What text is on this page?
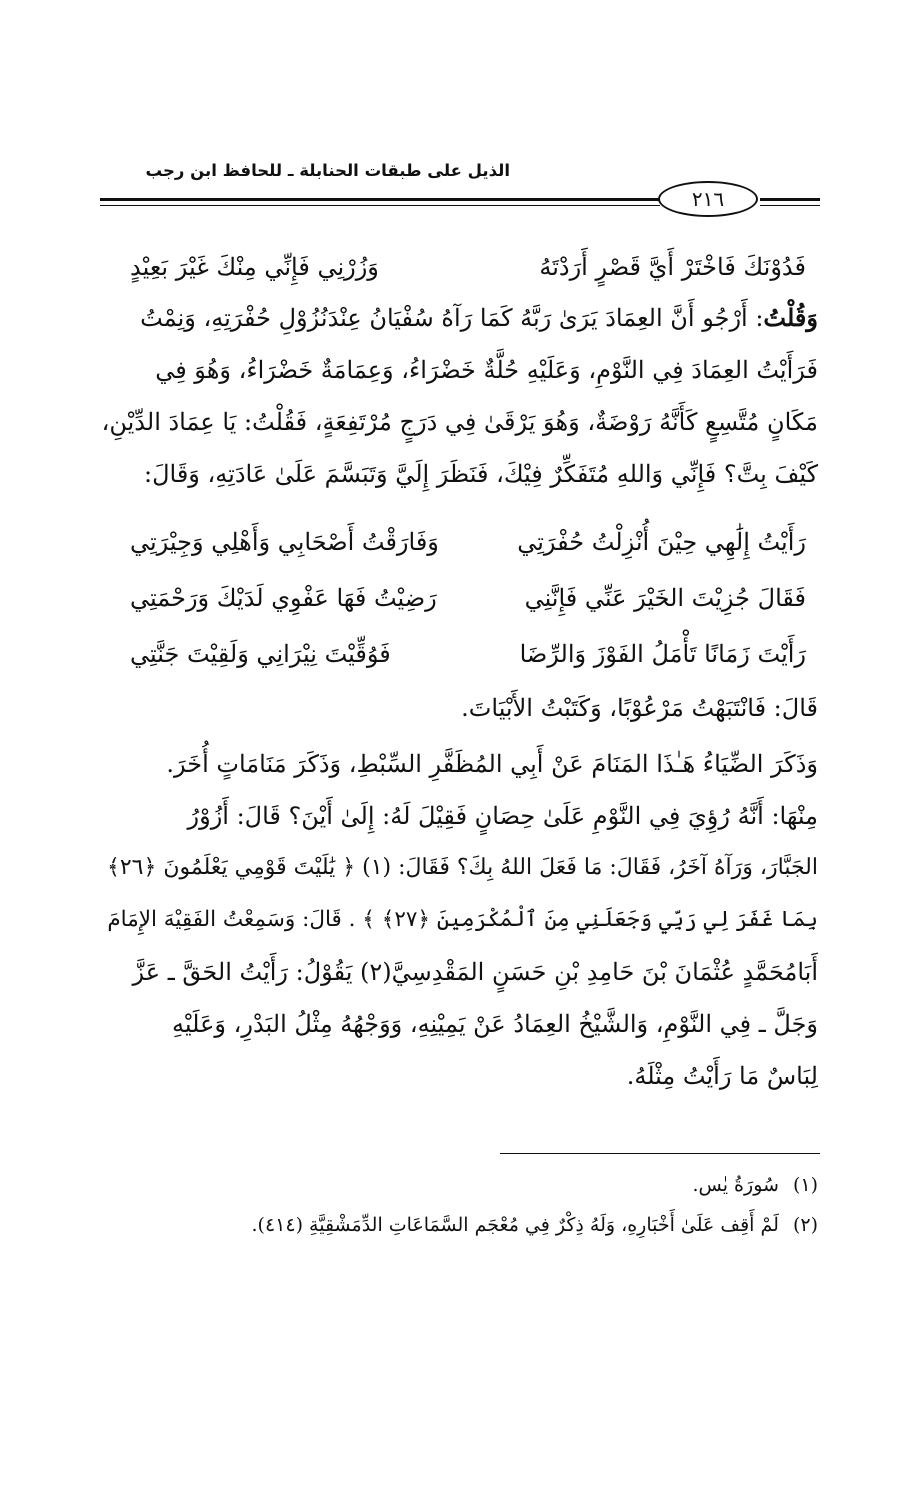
الذيل على طبقات الحنابلة ـ للحافظ ابن رجب
٢١٦
فَدُوْنَكَ فَاخْتَرْ أَيَّ قَصْرٍ أَرَدْتَهُ
وَزُرْنِي فَإِنِّي مِنْكَ غَيْرَ بَعِيْدٍ
وَقُلْتُ: أَرْجُو أَنَّ العِمَادَ يَرَىٰ رَبَّهُ كَمَا رَآهُ سُفْيَانُ عِنْدَنُزُوْلِ حُفْرَتِهِ، وَنِمْتُ
فَرَأَيْتُ العِمَادَ فِي النَّوْمِ، وَعَلَيْهِ حُلَّةٌ خَضْرَاءُ، وَعِمَامَةٌ خَضْرَاءُ، وَهُوَ فِي
مَكَانٍ مُتَّسِعٍ كَأَنَّهُ رَوْضَةٌ، وَهُوَ يَرْقَىٰ فِي دَرَجٍ مُرْتَفِعَةٍ، فَقُلْتُ: يَا عِمَادَ الدِّيْنِ،
كَيْفَ بِتَّ؟ فَإِنِّي وَاللهِ مُتَفَكِّرٌ فِيْكَ، فَنَظَرَ إِلَيَّ وَتَبَسَّمَ عَلَىٰ عَادَتِهِ، وَقَالَ:
رَأَيْتُ إِلَٰهِي حِيْنَ أُنْزِلْتُ حُفْرَتِي
وَفَارَقْتُ أَصْحَابِي وَأَهْلِي وَجِيْرَتِي
فَقَالَ جُزِيْتَ الخَيْرَ عَنِّي فَإِنَّنِي
رَضِيْتُ فَهَا عَفْوِي لَدَيْكَ وَرَحْمَتِي
رَأَيْتَ زَمَانًا تَأْمَلُ الفَوْزَ وَالرِّضَا
فَوُقِّيْتَ نِيْرَانِي وَلَقِيْتَ جَنَّتِي
قَالَ: فَانْتَبَهْتُ مَرْعُوْبًا، وَكَتَبْتُ الأَبْيَاتَ.
وَذَكَرَ الضِّيَاءُ هَـٰذَا المَنَامَ عَنْ أَبِي المُظَفَّرِ السِّبْطِ، وَذَكَرَ مَنَامَاتٍ أُخَرَ.
مِنْهَا: أَنَّهُ رُؤِيَ فِي النَّوْمِ عَلَىٰ حِصَانٍ فَقِيْلَ لَهُ: إِلَىٰ أَيْنَ؟ قَالَ: أَزُوْرُ
الجَبَّارَ، وَرَآهُ آخَرُ، فَقَالَ: مَا فَعَلَ اللهُ بِكَ؟ فَقَالَ: (١) ﴿ يَٰلَيْتَ قَوْمِي يَعْلَمُونَ ﴿٢٦﴾
بِمَا غَفَرَ لِي رَبِّي وَجَعَلَنِي مِنَ ٱلْمُكْرَمِينَ ﴿٢٧﴾ ﴾ . قَالَ: وَسَمِعْتُ الفَقِيْهَ الإِمَامَ
أَبَامُحَمَّدٍ عُثْمَانَ بْنَ حَامِدِ بْنِ حَسَنٍ المَقْدِسِيَّ(٢) يَقُوْلُ: رَأَيْتُ الحَقَّ ـ عَزَّ
وَجَلَّ ـ فِي النَّوْمِ، وَالشَّيْخُ العِمَادُ عَنْ يَمِيْنِهِ، وَوَجْهُهُ مِثْلُ البَدْرِ، وَعَلَيْهِ
لِبَاسٌ مَا رَأَيْتُ مِثْلَهُ.
(١)سُورَةُ يٰس.
(٢)لَمْ أَقِف عَلَىٰ أَخْبَارِهِ، وَلَهُ ذِكْرٌ فِي مُعْجَم السَّمَاعَاتِ الدِّمَشْقِيَّةِ (٤١٤).
